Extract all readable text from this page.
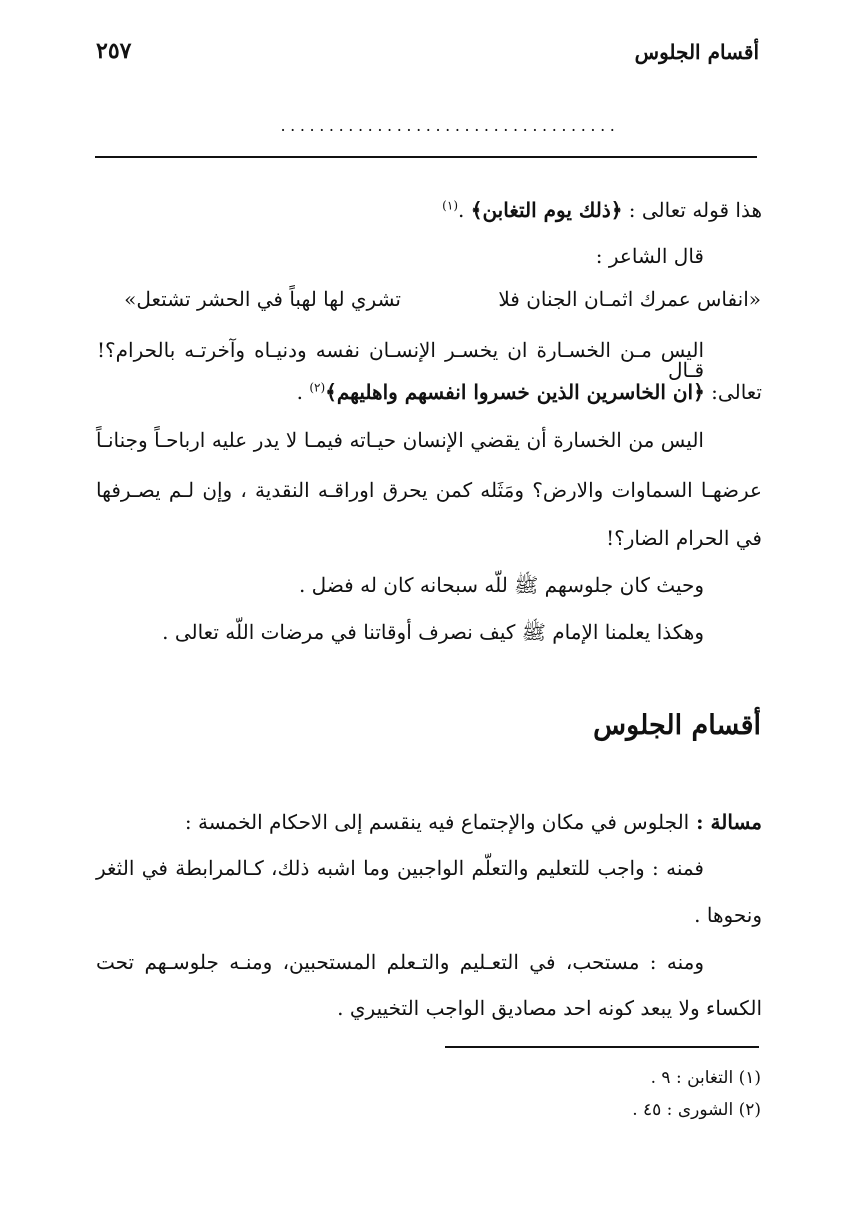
أقسام الجلوس
٢٥٧
...................................
هذا قوله تعالى : ﴿ذلك يوم التغابن﴾ .$^{(١)}$
قال الشاعر :
«انفاس عمرك اثمـان الجنان فلا
تشري لها لهباً في الحشر تشتعل»
اليس مـن الخسـارة ان يخسـر الإنسـان نفسه ودنيـاه وآخرتـه بالحرام؟! قـال
تعالى: ﴿ان الخاسرين الذين خسروا انفسهم واهليهم﴾$^{(٢)}$ .
اليس من الخسارة أن يقضي الإنسان حيـاته فيمـا لا يدر عليه ارباحـاً وجنانـاً
عرضهـا السماوات والارض؟ ومَثَله كمن يحرق اوراقـه النقدية ، وإن لـم يصـرفها
في الحرام الضار؟!
وحيث كان جلوسهم ﷺ للّه سبحانه كان له فضل .
وهكذا يعلمنا الإمام ﷺ كيف نصرف أوقاتنا في مرضات اللّه تعالى .
أقسام الجلوس
مسالة : الجلوس في مكان والإجتماع فيه ينقسم إلى الاحكام الخمسة :
فمنه : واجب للتعليم والتعلّم الواجبين وما اشبه ذلك، كـالمرابطة في الثغر
ونحوها .
ومنه : مستحب، في التعـليم والتـعلم المستحبين، ومنـه جلوسـهم تحت
الكساء ولا يبعد كونه احد مصاديق الواجب التخييري .
(١) التغابن : ٩ .
(٢) الشورى : ٤٥ .
